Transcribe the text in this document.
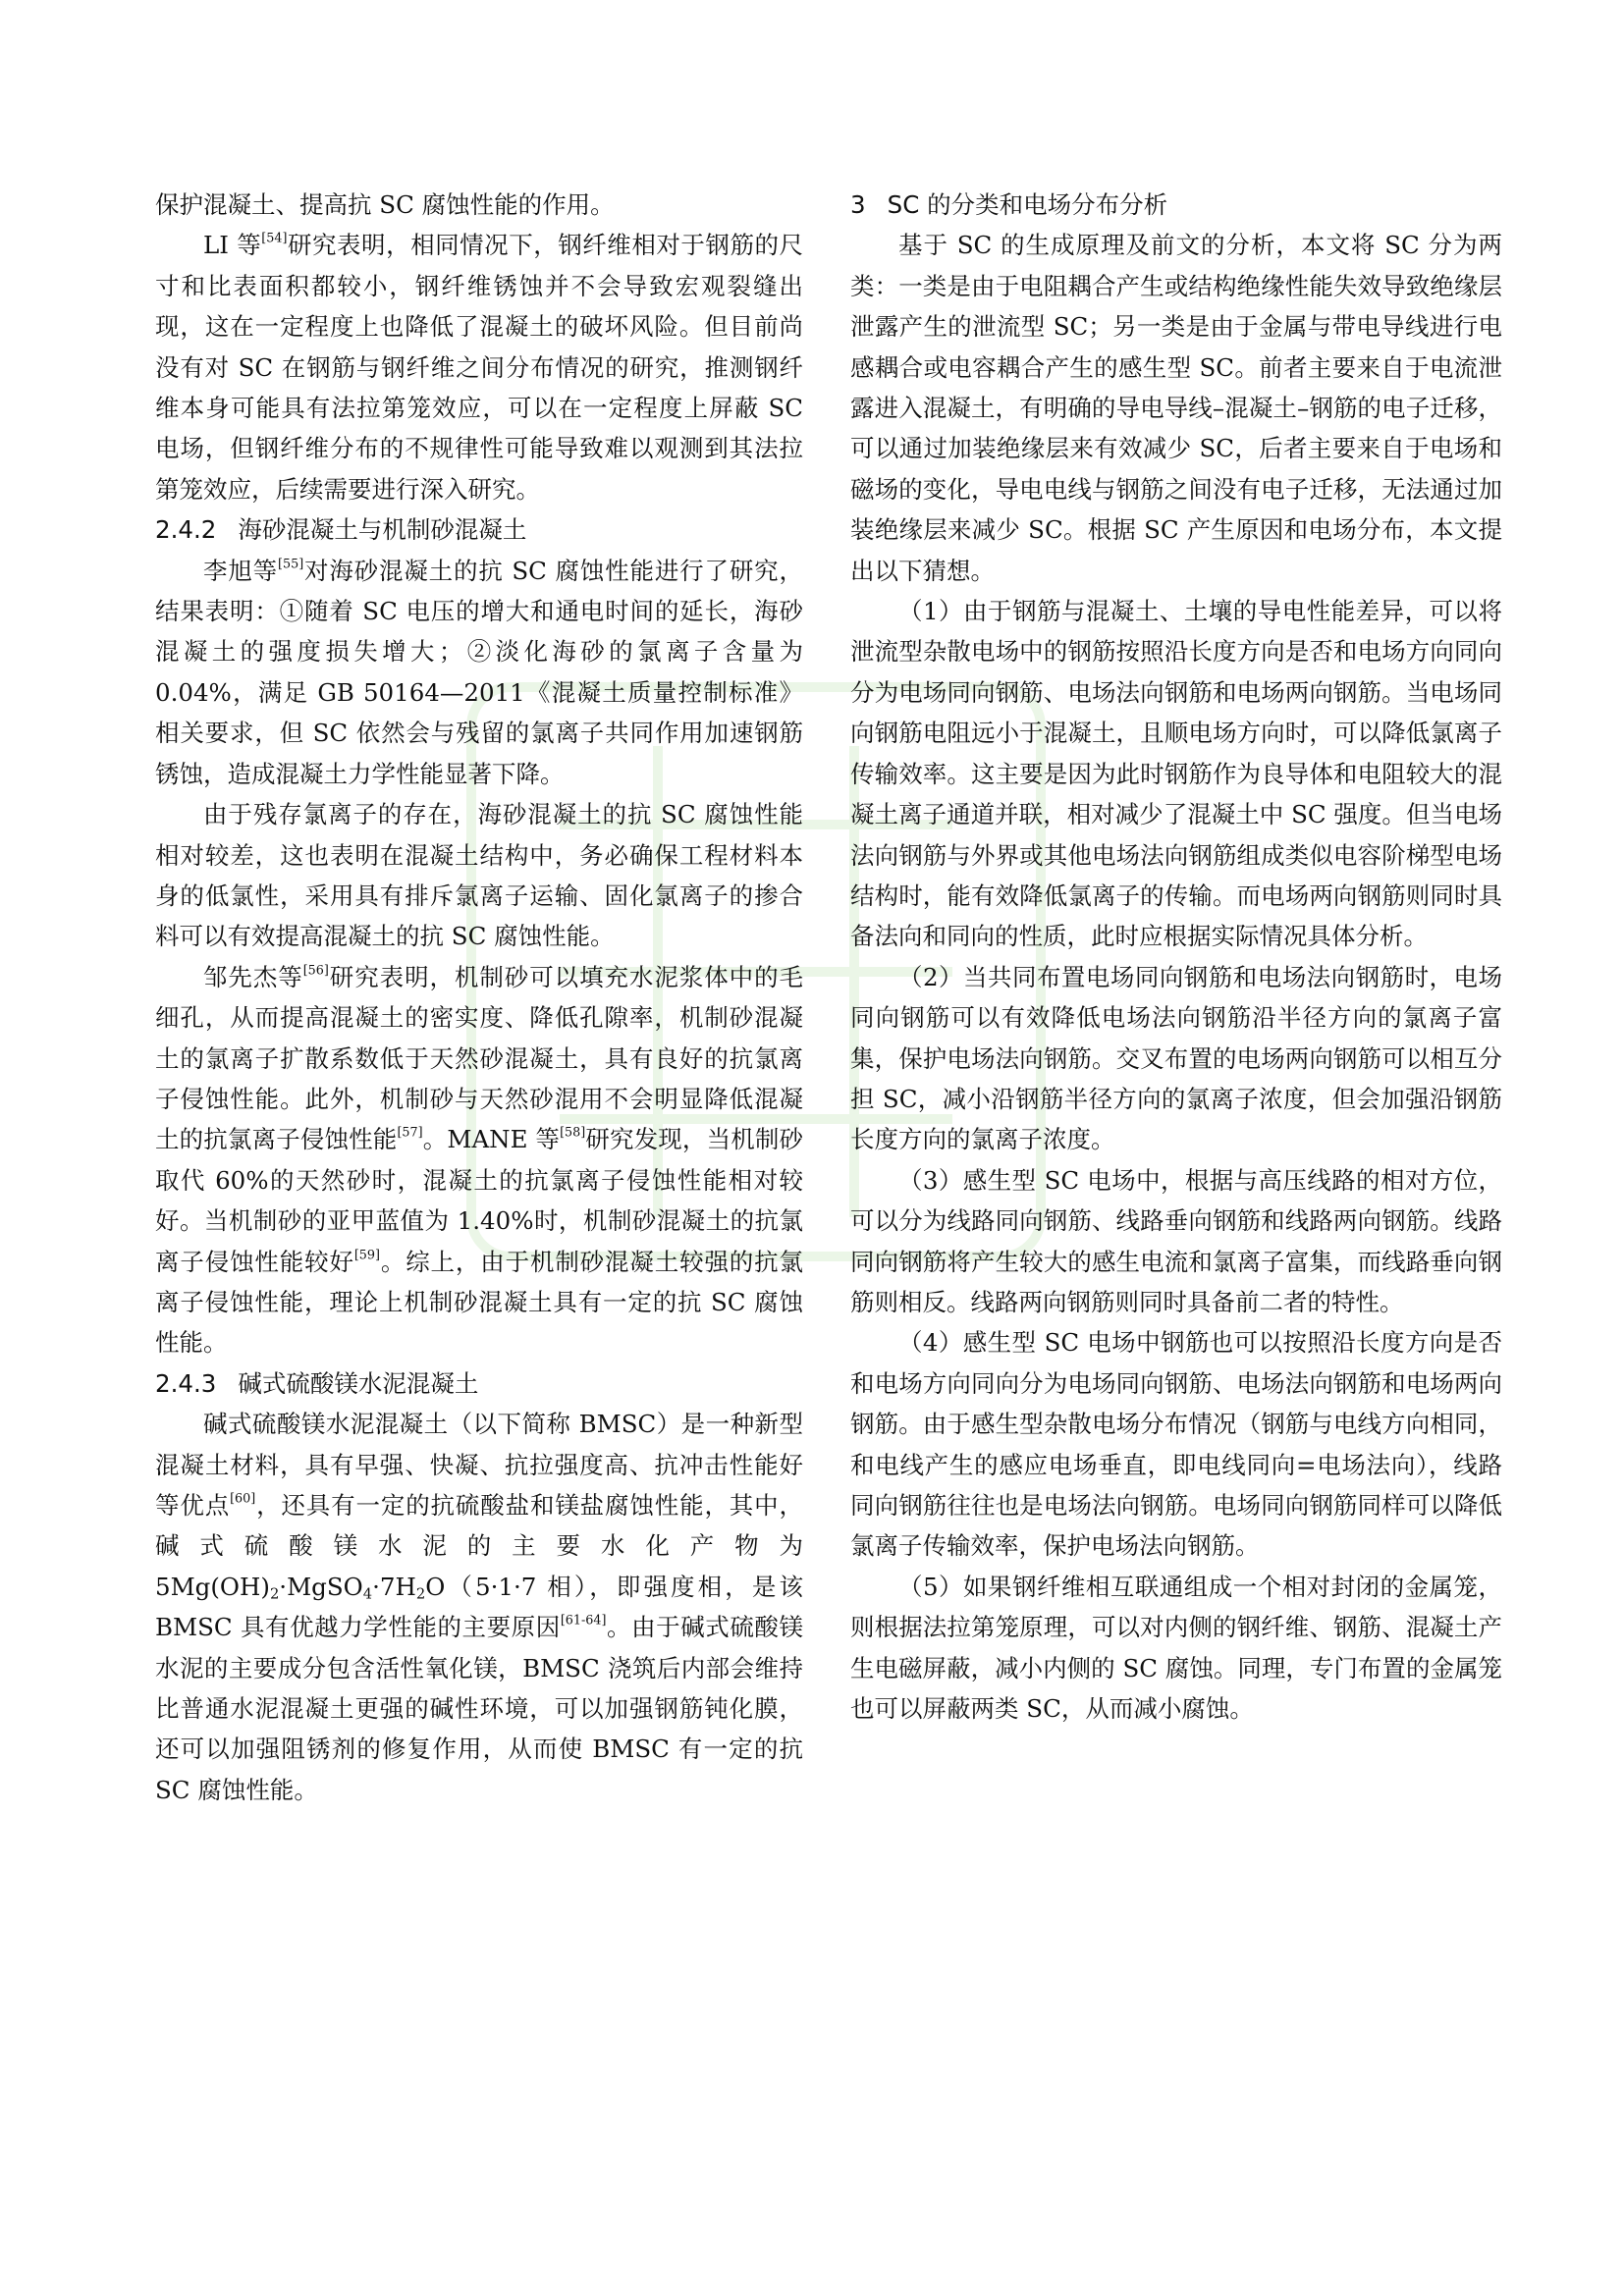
保护混凝土、提高抗 SC 腐蚀性能的作用。

LI 等[54]研究表明，相同情况下，钢纤维相对于钢筋的尺寸和比表面积都较小，钢纤维锈蚀并不会导致宏观裂缝出现，这在一定程度上也降低了混凝土的破坏风险。但目前尚没有对 SC 在钢筋与钢纤维之间分布情况的研究，推测钢纤维本身可能具有法拉第笼效应，可以在一定程度上屏蔽 SC 电场，但钢纤维分布的不规律性可能导致难以观测到其法拉第笼效应，后续需要进行深入研究。

2.4.2 海砂混凝土与机制砂混凝土

李旭等[55]对海砂混凝土的抗 SC 腐蚀性能进行了研究，结果表明：①随着 SC 电压的增大和通电时间的延长，海砂混凝土的强度损失增大；②淡化海砂的氯离子含量为 0.04%，满足 GB 50164—2011《混凝土质量控制标准》相关要求，但 SC 依然会与残留的氯离子共同作用加速钢筋锈蚀，造成混凝土力学性能显著下降。

由于残存氯离子的存在，海砂混凝土的抗 SC 腐蚀性能相对较差，这也表明在混凝土结构中，务必确保工程材料本身的低氯性，采用具有排斥氯离子运输、固化氯离子的掺合料可以有效提高混凝土的抗 SC 腐蚀性能。

邹先杰等[56]研究表明，机制砂可以填充水泥浆体中的毛细孔，从而提高混凝土的密实度、降低孔隙率，机制砂混凝土的氯离子扩散系数低于天然砂混凝土，具有良好的抗氯离子侵蚀性能。此外，机制砂与天然砂混用不会明显降低混凝土的抗氯离子侵蚀性能[57]。MANE 等[58]研究发现，当机制砂取代 60%的天然砂时，混凝土的抗氯离子侵蚀性能相对较好。当机制砂的亚甲蓝值为 1.40%时，机制砂混凝土的抗氯离子侵蚀性能较好[59]。综上，由于机制砂混凝土较强的抗氯离子侵蚀性能，理论上机制砂混凝土具有一定的抗 SC 腐蚀性能。

2.4.3 碱式硫酸镁水泥混凝土

碱式硫酸镁水泥混凝土（以下简称 BMSC）是一种新型混凝土材料，具有早强、快凝、抗拉强度高、抗冲击性能好等优点[60]，还具有一定的抗硫酸盐和镁盐腐蚀性能，其中，碱式硫酸镁水泥的主要水化产物为 $5Mg(OH)_2\cdot MgSO_4\cdot 7H_2O(5\cdot 1\cdot 7$ 相），即强度相，是该 BMSC 具有优越力学性能的主要原因[61-64]。由于碱式硫酸镁水泥的主要成分包含活性氧化镁，BMSC 浇筑后内部会维持比普通水泥混凝土更强的碱性环境，可以加强钢筋钝化膜，还可以加强阻锈剂的修复作用，从而使 BMSC 有一定的抗 SC 腐蚀性能。

3 SC 的分类和电场分布分析

基于 SC 的生成原理及前文的分析，本文将 SC 分为两类：一类是由于电阻耦合产生或结构绝缘性能失效导致绝缘层泄露产生的泄流型 SC；另一类是由于金属与带电导线进行电感耦合或电容耦合产生的感生型 SC。前者主要来自于电流泄露进入混凝土，有明确的导电导线–混凝土–钢筋的电子迁移，可以通过加装绝缘层来有效减少 SC，后者主要来自于电场和磁场的变化，导电电线与钢筋之间没有电子迁移，无法通过加装绝缘层来减少 SC。根据 SC 产生原因和电场分布，本文提出以下猜想。

（1）由于钢筋与混凝土、土壤的导电性能差异，可以将泄流型杂散电场中的钢筋按照沿长度方向是否和电场方向同向分为电场同向钢筋、电场法向钢筋和电场两向钢筋。当电场同向钢筋电阻远小于混凝土，且顺电场方向时，可以降低氯离子传输效率。这主要是因为此时钢筋作为良导体和电阻较大的混凝土离子通道并联，相对减少了混凝土中 SC 强度。但当电场法向钢筋与外界或其他电场法向钢筋组成类似电容阶梯型电场结构时，能有效降低氯离子的传输。而电场两向钢筋则同时具备法向和同向的性质，此时应根据实际情况具体分析。

（2）当共同布置电场同向钢筋和电场法向钢筋时，电场同向钢筋可以有效降低电场法向钢筋沿半径方向的氯离子富集，保护电场法向钢筋。交叉布置的电场两向钢筋可以相互分担 SC，减小沿钢筋半径方向的氯离子浓度，但会加强沿钢筋长度方向的氯离子浓度。

（3）感生型 SC 电场中，根据与高压线路的相对方位，可以分为线路同向钢筋、线路垂向钢筋和线路两向钢筋。线路同向钢筋将产生较大的感生电流和氯离子富集，而线路垂向钢筋则相反。线路两向钢筋则同时具备前二者的特性。

（4）感生型 SC 电场中钢筋也可以按照沿长度方向是否和电场方向同向分为电场同向钢筋、电场法向钢筋和电场两向钢筋。由于感生型杂散电场分布情况（钢筋与电线方向相同，和电线产生的感应电场垂直，即电线同向=电场法向），线路同向钢筋往往也是电场法向钢筋。电场同向钢筋同样可以降低氯离子传输效率，保护电场法向钢筋。

（5）如果钢纤维相互联通组成一个相对封闭的金属笼，则根据法拉第笼原理，可以对内侧的钢纤维、钢筋、混凝土产生电磁屏蔽，减小内侧的 SC 腐蚀。同理，专门布置的金属笼也可以屏蔽两类 SC，从而减小腐蚀。
